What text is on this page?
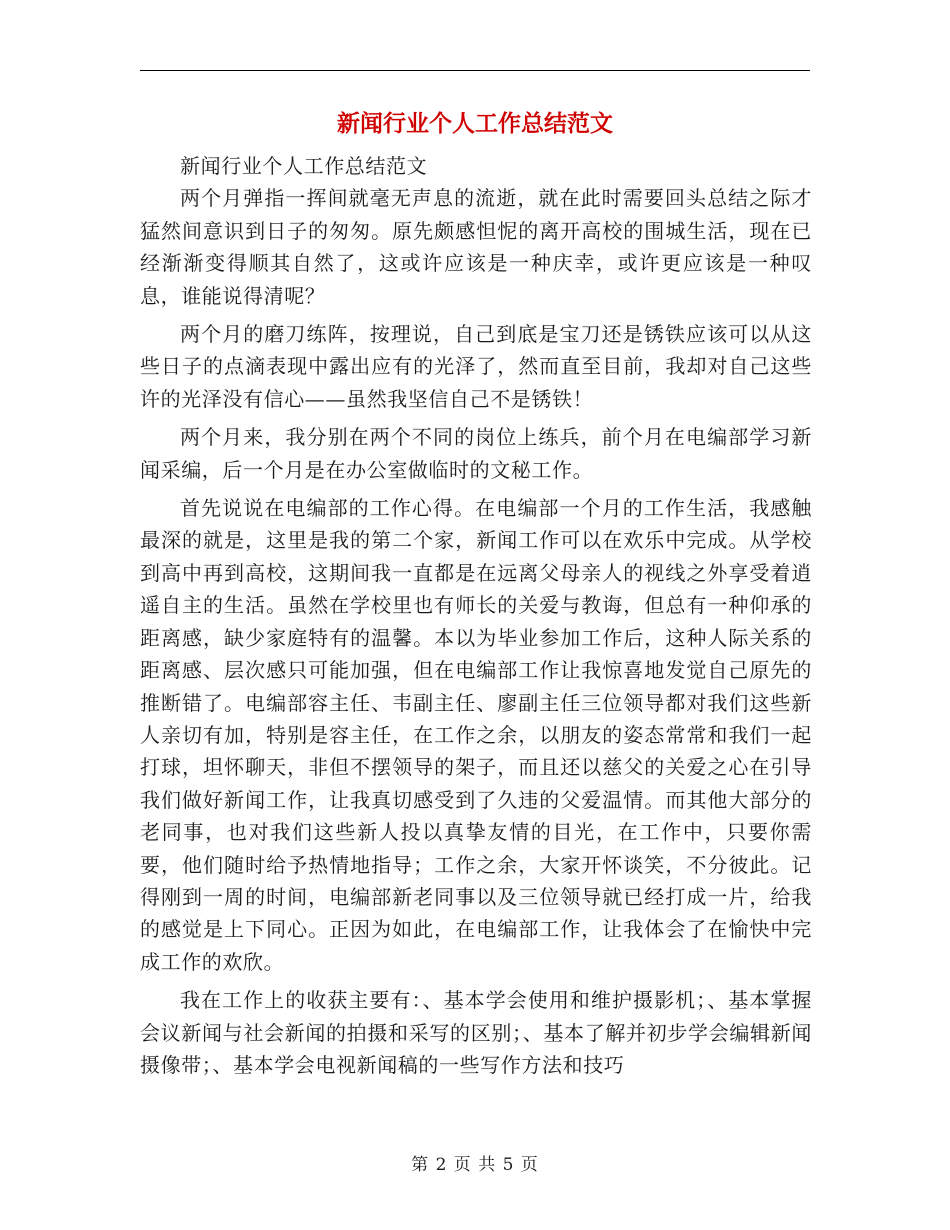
新闻行业个人工作总结范文

新闻行业个人工作总结范文

两个月弹指一挥间就毫无声息的流逝，就在此时需要回头总结之际才猛然间意识到日子的匆匆。原先颇感怛怩的离开高校的围城生活，现在已经渐渐变得顺其自然了，这或许应该是一种庆幸，或许更应该是一种叹息，谁能说得清呢？

两个月的磨刀练阵，按理说，自己到底是宝刀还是锈铁应该可以从这些日子的点滴表现中露出应有的光泽了，然而直至目前，我却对自己这些许的光泽没有信心——虽然我坚信自己不是锈铁！

两个月来，我分别在两个不同的岗位上练兵，前个月在电编部学习新闻采编，后一个月是在办公室做临时的文秘工作。

首先说说在电编部的工作心得。在电编部一个月的工作生活，我感触最深的就是，这里是我的第二个家，新闻工作可以在欢乐中完成。从学校到高中再到高校，这期间我一直都是在远离父母亲人的视线之外享受着逍遥自主的生活。虽然在学校里也有师长的关爱与教诲，但总有一种仰承的距离感，缺少家庭特有的温馨。本以为毕业参加工作后，这种人际关系的距离感、层次感只可能加强，但在电编部工作让我惊喜地发觉自己原先的推断错了。电编部容主任、韦副主任、廖副主任三位领导都对我们这些新人亲切有加，特别是容主任，在工作之余，以朋友的姿态常常和我们一起打球，坦怀聊天，非但不摆领导的架子，而且还以慈父的关爱之心在引导我们做好新闻工作，让我真切感受到了久违的父爱温情。而其他大部分的老同事，也对我们这些新人投以真挚友情的目光，在工作中，只要你需要，他们随时给予热情地指导；工作之余，大家开怀谈笑，不分彼此。记得刚到一周的时间，电编部新老同事以及三位领导就已经打成一片，给我的感觉是上下同心。正因为如此，在电编部工作，让我体会了在愉快中完成工作的欢欣。

我在工作上的收获主要有：、基本学会使用和维护摄影机；、基本掌握会议新闻与社会新闻的拍摄和采写的区别；、基本了解并初步学会编辑新闻摄像带；、基本学会电视新闻稿的一些写作方法和技巧

第 2 页 共 5 页
